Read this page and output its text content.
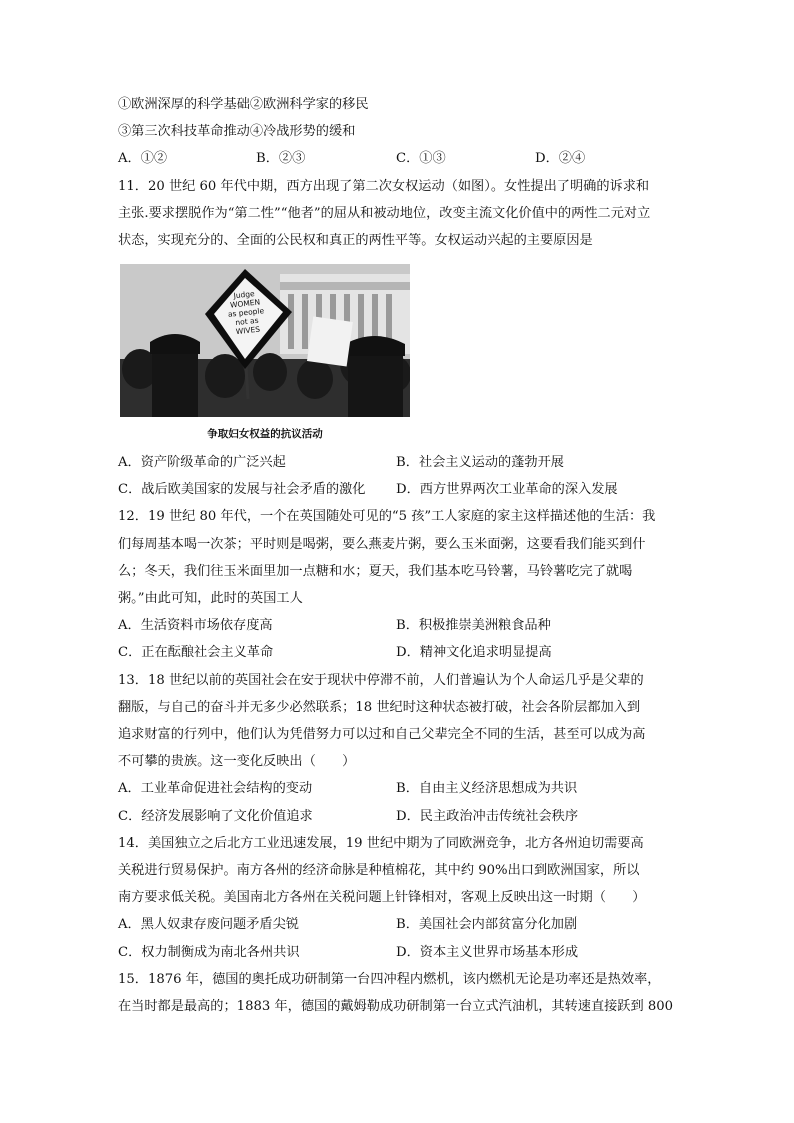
①欧洲深厚的科学基础②欧洲科学家的移民
③第三次科技革命推动④冷战形势的缓和
A．①②	B．②③	C．①③	D．②④
11．20 世纪 60 年代中期，西方出现了第二次女权运动（如图）。女性提出了明确的诉求和
主张.要求摆脱作为“第二性”“他者”的屈从和被动地位，改变主流文化价值中的两性二元对立
状态，实现充分的、全面的公民权和真正的两性平等。女权运动兴起的主要原因是
Judge
WOMEN
as people
not as
WIVES
争取妇女权益的抗议活动
A．资产阶级革命的广泛兴起	B．社会主义运动的蓬勃开展
C．战后欧美国家的发展与社会矛盾的激化 D．西方世界两次工业革命的深入发展
12．19 世纪 80 年代，一个在英国随处可见的“5 孩”工人家庭的家主这样描述他的生活：我
们每周基本喝一次茶；平时则是喝粥，要么燕麦片粥，要么玉米面粥，这要看我们能买到什
么；冬天，我们往玉米面里加一点糖和水；夏天，我们基本吃马铃薯，马铃薯吃完了就喝
粥。”由此可知，此时的英国工人
A．生活资料市场依存度高	B．积极推崇美洲粮食品种
C．正在酝酿社会主义革命	D．精神文化追求明显提高
13．18 世纪以前的英国社会在安于现状中停滞不前，人们普遍认为个人命运几乎是父辈的
翻版，与自己的奋斗并无多少必然联系；18 世纪时这种状态被打破，社会各阶层都加入到
追求财富的行列中，他们认为凭借努力可以过和自己父辈完全不同的生活，甚至可以成为高
不可攀的贵族。这一变化反映出（　　）
A．工业革命促进社会结构的变动	B．自由主义经济思想成为共识
C．经济发展影响了文化价值追求	D．民主政治冲击传统社会秩序
14．美国独立之后北方工业迅速发展，19 世纪中期为了同欧洲竞争，北方各州迫切需要高
关税进行贸易保护。南方各州的经济命脉是种植棉花，其中约 90%出口到欧洲国家，所以
南方要求低关税。美国南北方各州在关税问题上针锋相对，客观上反映出这一时期（　　）
A．黑人奴隶存废问题矛盾尖锐	B．美国社会内部贫富分化加剧
C．权力制衡成为南北各州共识	D．资本主义世界市场基本形成
15．1876 年，德国的奥托成功研制第一台四冲程内燃机，该内燃机无论是功率还是热效率，
在当时都是最高的；1883 年，德国的戴姆勒成功研制第一台立式汽油机，其转速直接跃到 800
